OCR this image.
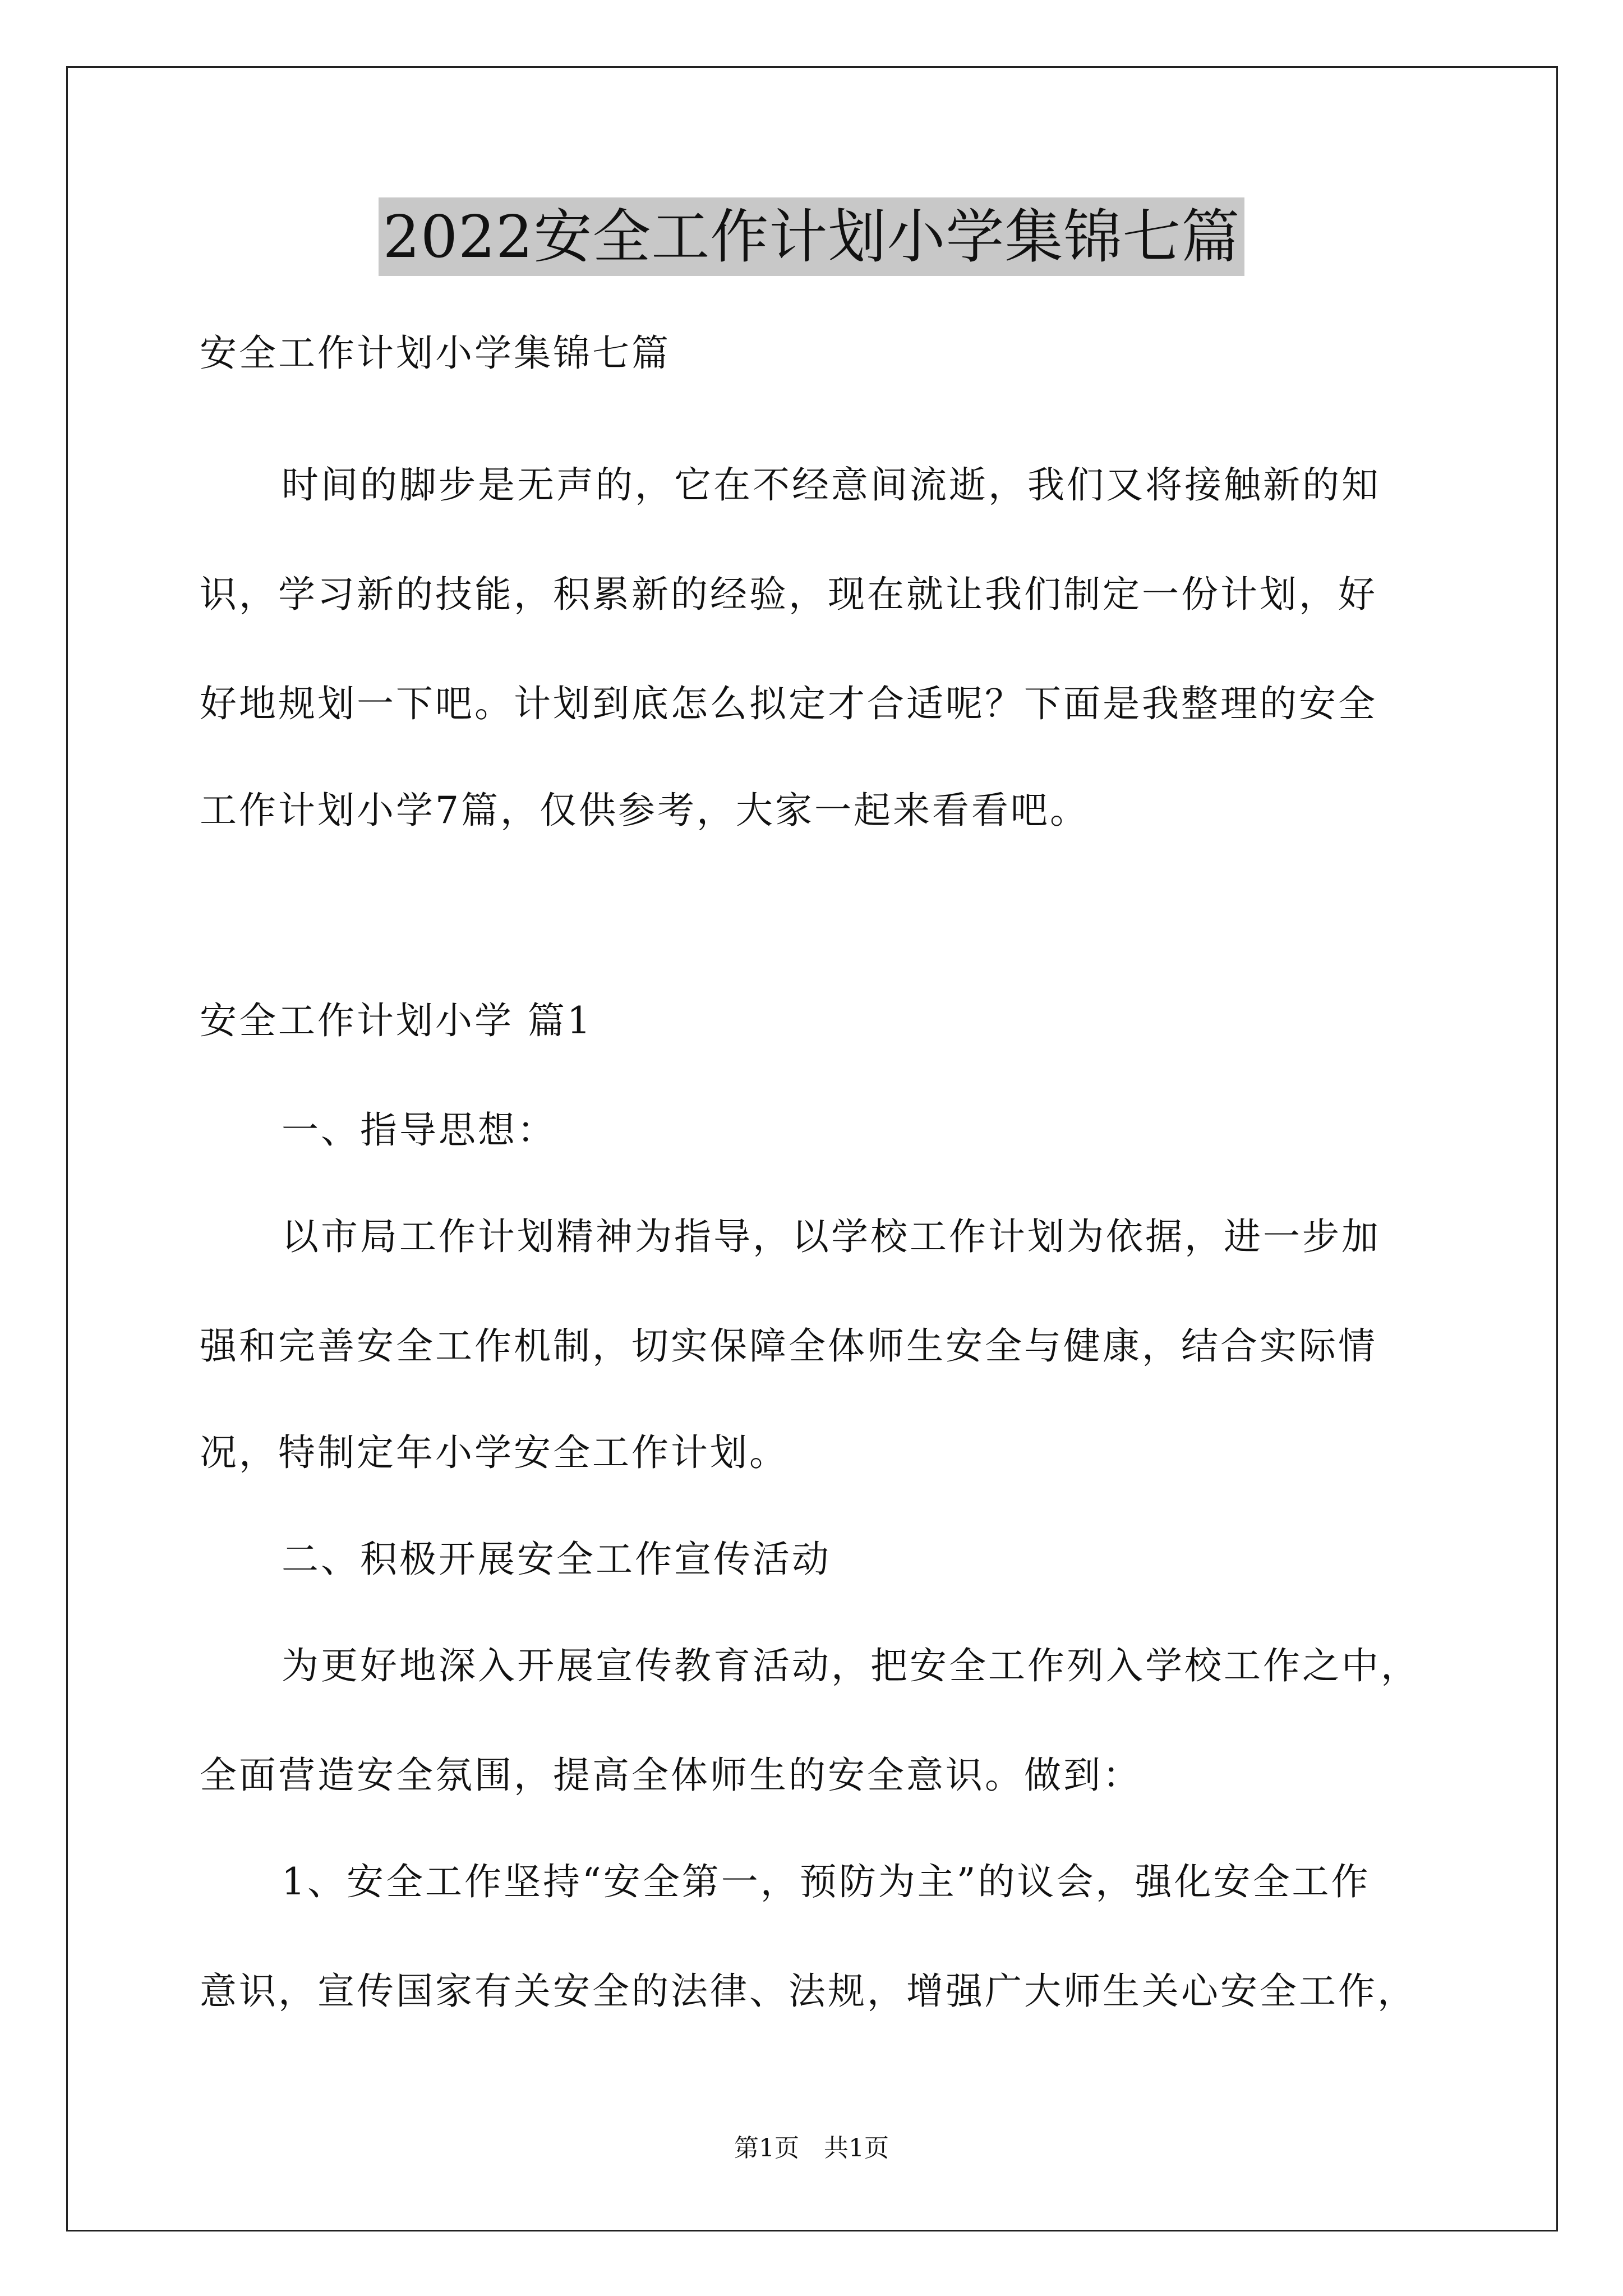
2022安全工作计划小学集锦七篇
安全工作计划小学集锦七篇
时间的脚步是无声的，它在不经意间流逝，我们又将接触新的知
识，学习新的技能，积累新的经验，现在就让我们制定一份计划，好
好地规划一下吧。计划到底怎么拟定才合适呢？下面是我整理的安全
工作计划小学7篇，仅供参考，大家一起来看看吧。
安全工作计划小学 篇1
一、指导思想：
以市局工作计划精神为指导，以学校工作计划为依据，进一步加
强和完善安全工作机制，切实保障全体师生安全与健康，结合实际情
况，特制定年小学安全工作计划。
二、积极开展安全工作宣传活动
为更好地深入开展宣传教育活动，把安全工作列入学校工作之中，
全面营造安全氛围，提高全体师生的安全意识。做到：
1、安全工作坚持“安全第一，预防为主”的议会，强化安全工作
意识，宣传国家有关安全的法律、法规，增强广大师生关心安全工作，
第1页　共1页
